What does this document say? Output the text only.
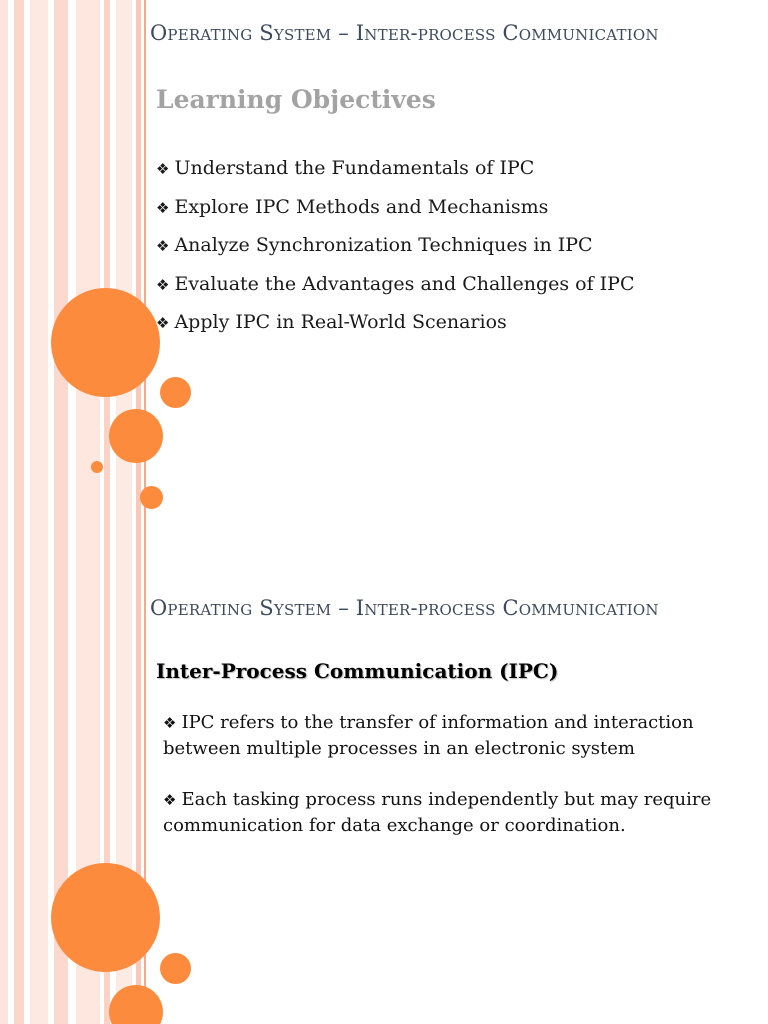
Operating System – Inter-process Communication
Learning Objectives
❖ Understand the Fundamentals of IPC
❖ Explore IPC Methods and Mechanisms
❖ Analyze Synchronization Techniques in IPC
❖ Evaluate the Advantages and Challenges of IPC
❖ Apply IPC in Real-World Scenarios
Operating System – Inter-process Communication
Inter-Process Communication (IPC)
❖ IPC refers to the transfer of information and interaction between multiple processes in an electronic system
❖ Each tasking process runs independently but may require communication for data exchange or coordination.
